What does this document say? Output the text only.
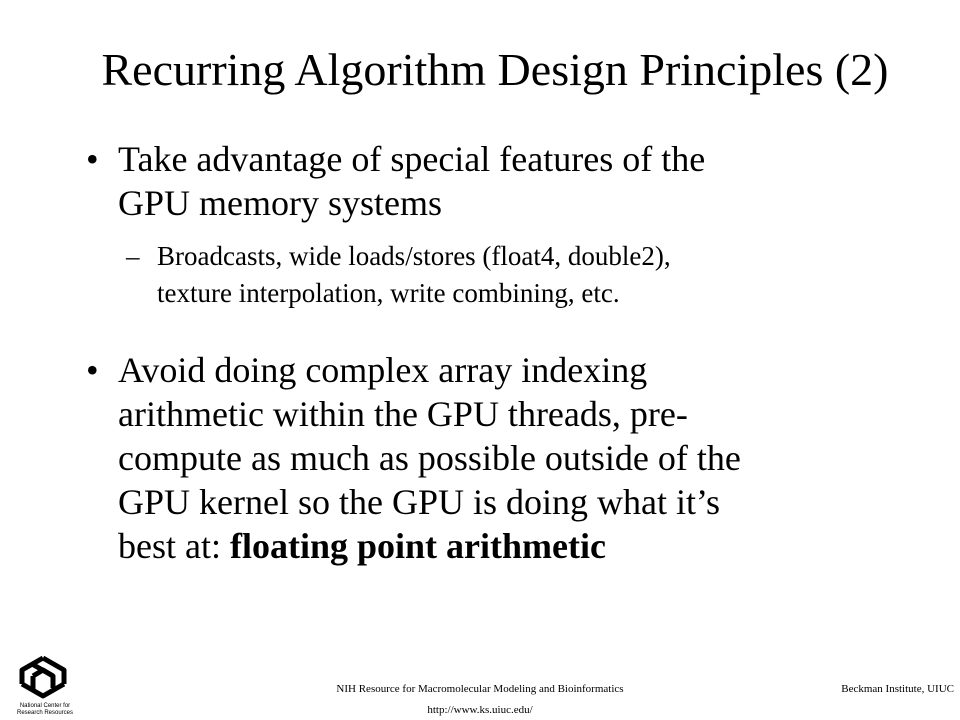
Recurring Algorithm Design Principles (2)
• Take advantage of special features of the
GPU memory systems
– Broadcasts, wide loads/stores (float4, double2),
texture interpolation, write combining, etc.
• Avoid doing complex array indexing
arithmetic within the GPU threads, pre-
compute as much as possible outside of the
GPU kernel so the GPU is doing what it’s
best at: floating point arithmetic
National Center for Research Resources
NIH Resource for Macromolecular Modeling and Bioinformatics
http://www.ks.uiuc.edu/
Beckman Institute, UIUC
